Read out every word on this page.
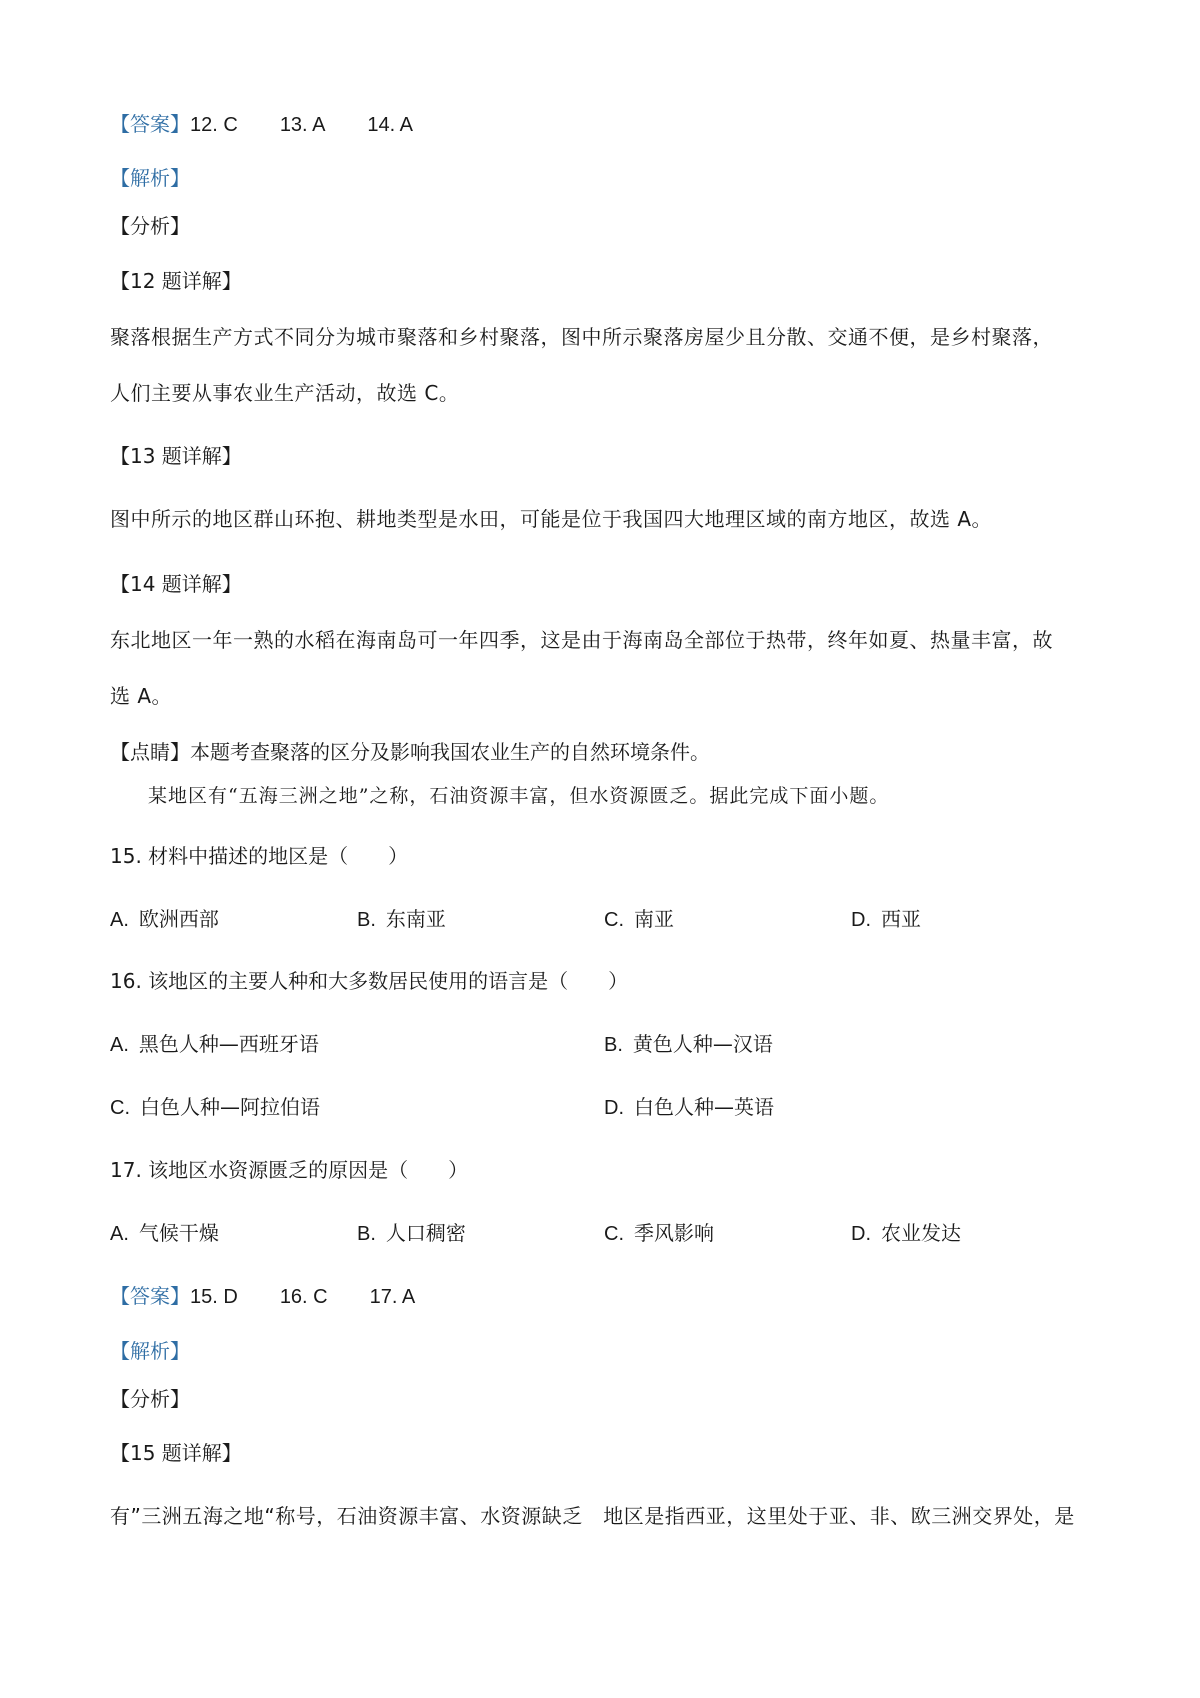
【答案】12. C 13. A 14. A
【解析】
【分析】
【12 题详解】
聚落根据生产方式不同分为城市聚落和乡村聚落，图中所示聚落房屋少且分散、交通不便，是乡村聚落，
人们主要从事农业生产活动，故选 C。
【13 题详解】
图中所示的地区群山环抱、耕地类型是水田，可能是位于我国四大地理区域的南方地区，故选 A。
【14 题详解】
东北地区一年一熟的水稻在海南岛可一年四季，这是由于海南岛全部位于热带，终年如夏、热量丰富，故
选 A。
【点睛】本题考查聚落的区分及影响我国农业生产的自然环境条件。
某地区有“五海三洲之地”之称，石油资源丰富，但水资源匮乏。据此完成下面小题。
15. 材料中描述的地区是（　　）
A. 欧洲西部	B. 东南亚	C. 南亚	D. 西亚
16. 该地区的主要人种和大多数居民使用的语言是（　　）
A. 黑色人种—西班牙语	B. 黄色人种—汉语
C. 白色人种—阿拉伯语	D. 白色人种—英语
17. 该地区水资源匮乏的原因是（　　）
A. 气候干燥	B. 人口稠密	C. 季风影响	D. 农业发达
【答案】15. D 16. C 17. A
【解析】
【分析】
【15 题详解】
有”三洲五海之地“称号，石油资源丰富、水资源缺乏　地区是指西亚，这里处于亚、非、欧三洲交界处，是
